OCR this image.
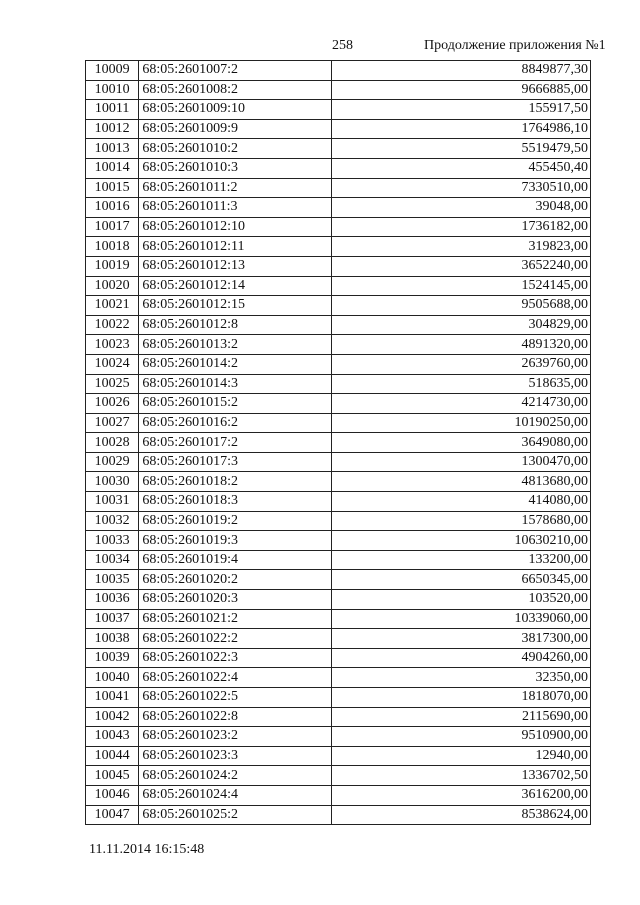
258	Продолжение приложения №1
10009	68:05:2601007:2	8849877,30
10010	68:05:2601008:2	9666885,00
10011	68:05:2601009:10	155917,50
10012	68:05:2601009:9	1764986,10
10013	68:05:2601010:2	5519479,50
10014	68:05:2601010:3	455450,40
10015	68:05:2601011:2	7330510,00
10016	68:05:2601011:3	39048,00
10017	68:05:2601012:10	1736182,00
10018	68:05:2601012:11	319823,00
10019	68:05:2601012:13	3652240,00
10020	68:05:2601012:14	1524145,00
10021	68:05:2601012:15	9505688,00
10022	68:05:2601012:8	304829,00
10023	68:05:2601013:2	4891320,00
10024	68:05:2601014:2	2639760,00
10025	68:05:2601014:3	518635,00
10026	68:05:2601015:2	4214730,00
10027	68:05:2601016:2	10190250,00
10028	68:05:2601017:2	3649080,00
10029	68:05:2601017:3	1300470,00
10030	68:05:2601018:2	4813680,00
10031	68:05:2601018:3	414080,00
10032	68:05:2601019:2	1578680,00
10033	68:05:2601019:3	10630210,00
10034	68:05:2601019:4	133200,00
10035	68:05:2601020:2	6650345,00
10036	68:05:2601020:3	103520,00
10037	68:05:2601021:2	10339060,00
10038	68:05:2601022:2	3817300,00
10039	68:05:2601022:3	4904260,00
10040	68:05:2601022:4	32350,00
10041	68:05:2601022:5	1818070,00
10042	68:05:2601022:8	2115690,00
10043	68:05:2601023:2	9510900,00
10044	68:05:2601023:3	12940,00
10045	68:05:2601024:2	1336702,50
10046	68:05:2601024:4	3616200,00
10047	68:05:2601025:2	8538624,00
11.11.2014 16:15:48
